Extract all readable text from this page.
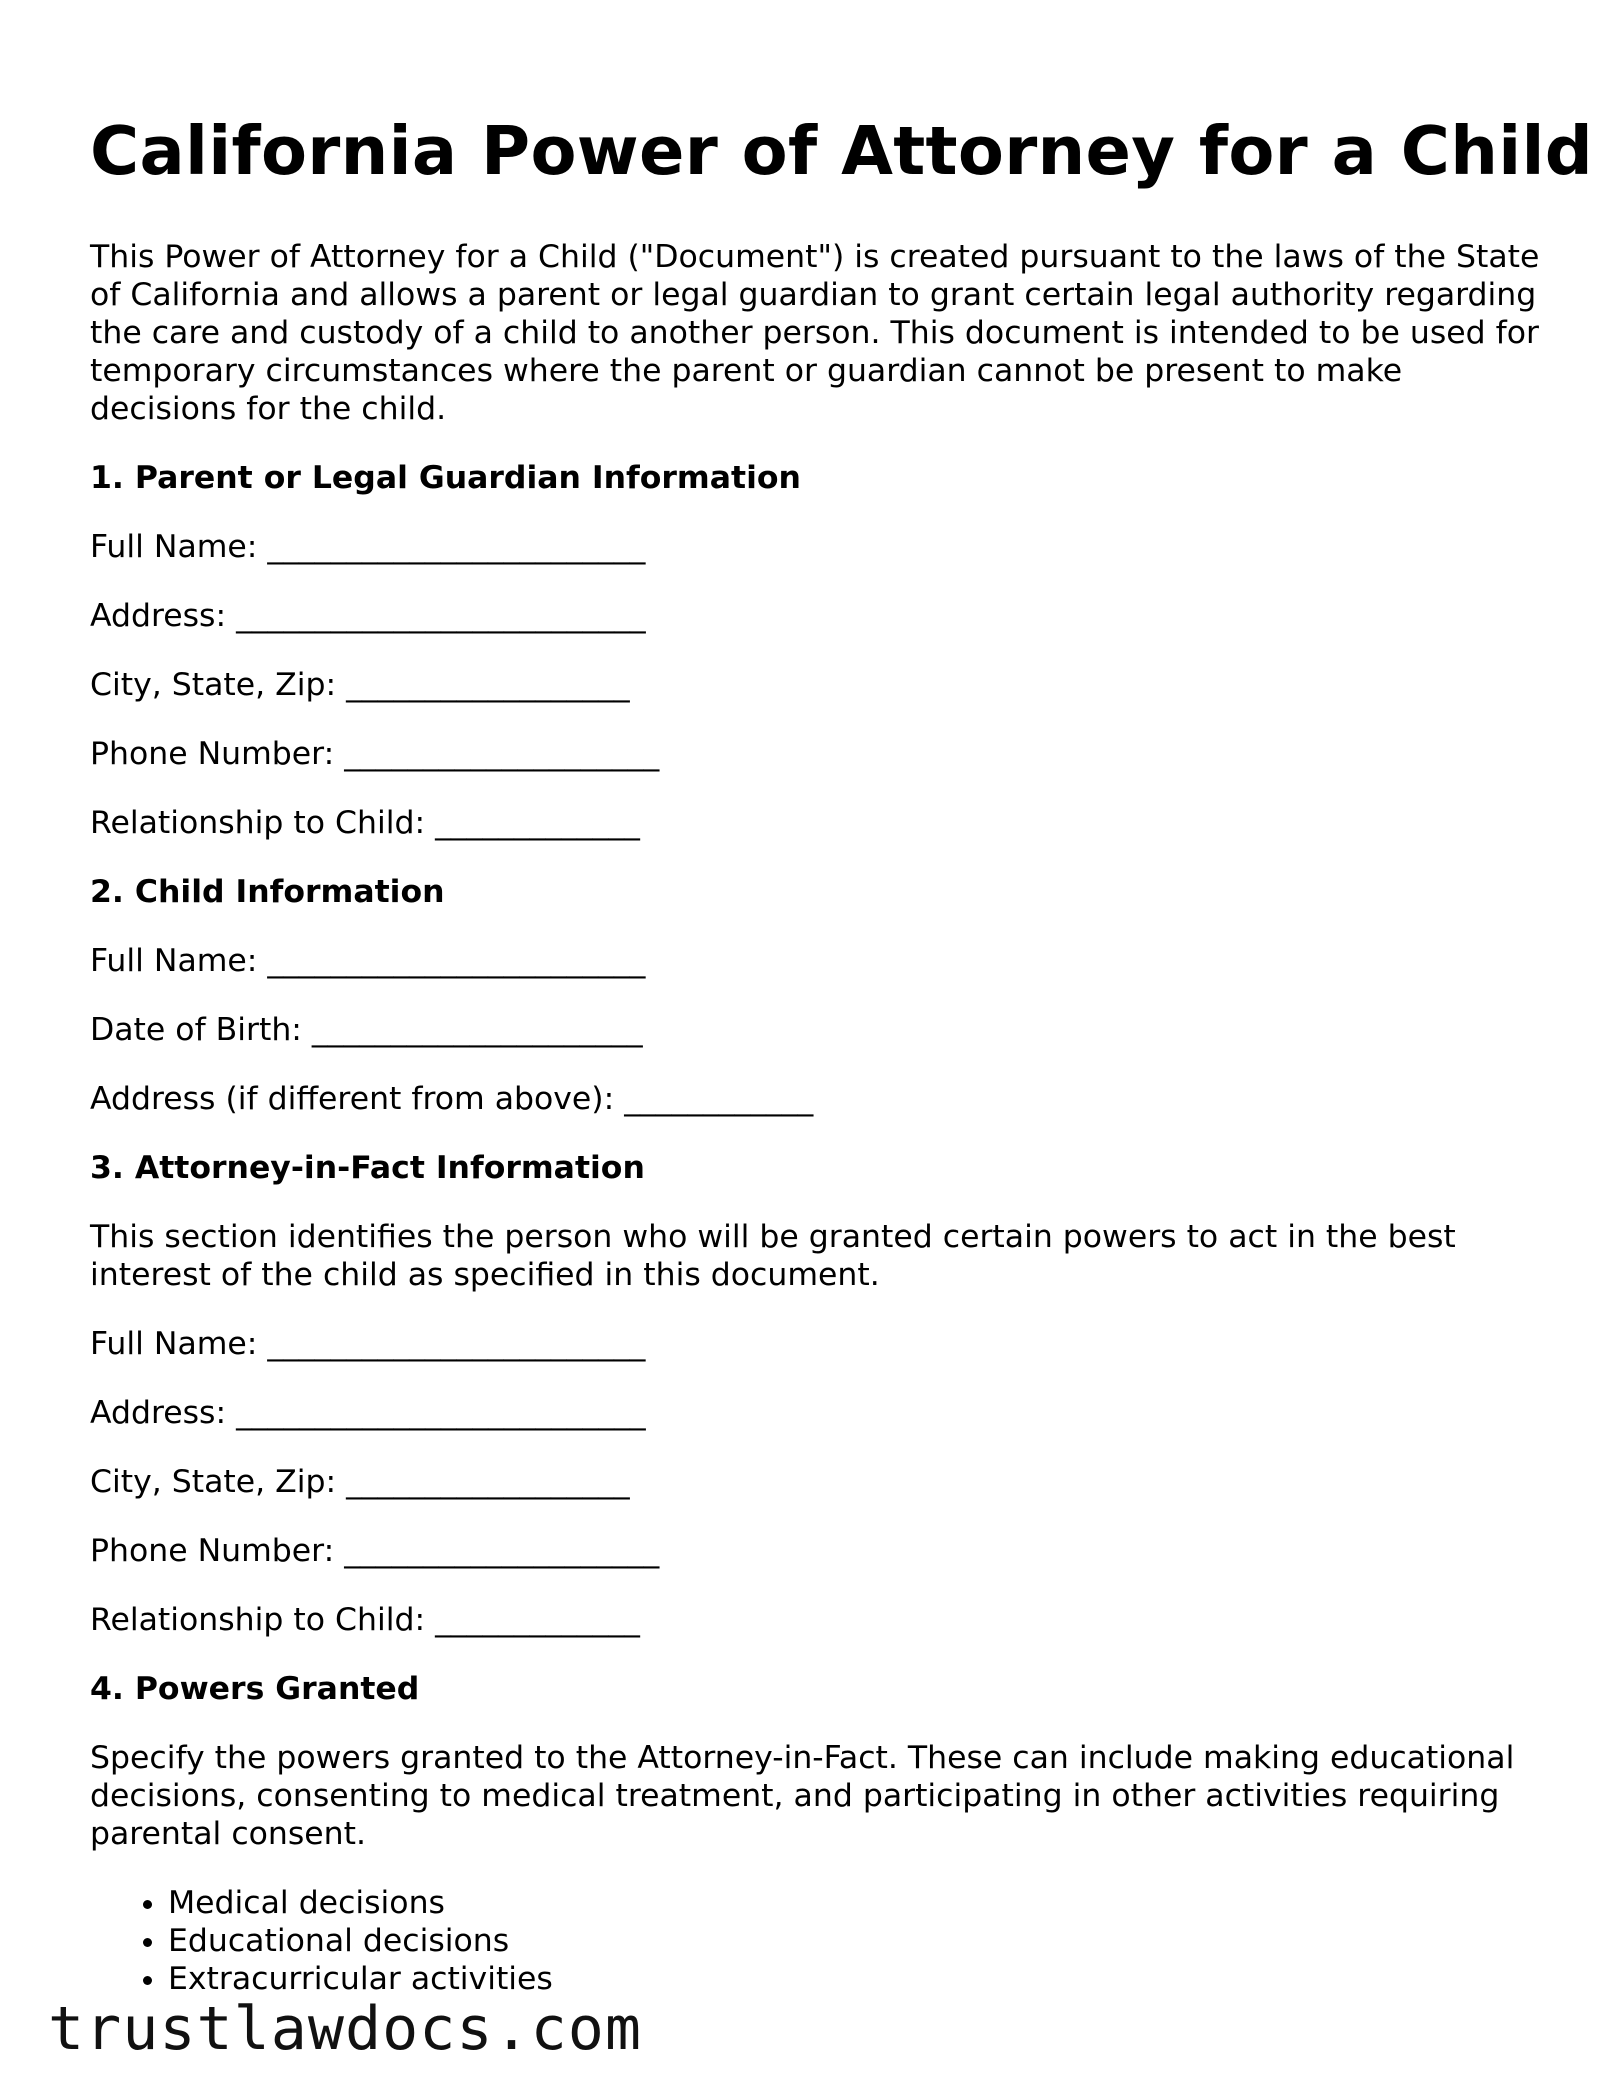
California Power of Attorney for a Child

This Power of Attorney for a Child ("Document") is created pursuant to the laws of the State of California and allows a parent or legal guardian to grant certain legal authority regarding the care and custody of a child to another person. This document is intended to be used for temporary circumstances where the parent or guardian cannot be present to make decisions for the child.

1. Parent or Legal Guardian Information
Full Name: ________________________
Address: __________________________
City, State, Zip: __________________
Phone Number: ____________________
Relationship to Child: _____________
2. Child Information
Full Name: ________________________
Date of Birth: _____________________
Address (if different from above): ____________
3. Attorney-in-Fact Information

This section identifies the person who will be granted certain powers to act in the best interest of the child as specified in this document.

Full Name: ________________________
Address: __________________________
City, State, Zip: __________________
Phone Number: ____________________
Relationship to Child: _____________
4. Powers Granted

Specify the powers granted to the Attorney-in-Fact. These can include making educational decisions, consenting to medical treatment, and participating in other activities requiring parental consent.

• Medical decisions
• Educational decisions
• Extracurricular activities
trustlawdocs.com
